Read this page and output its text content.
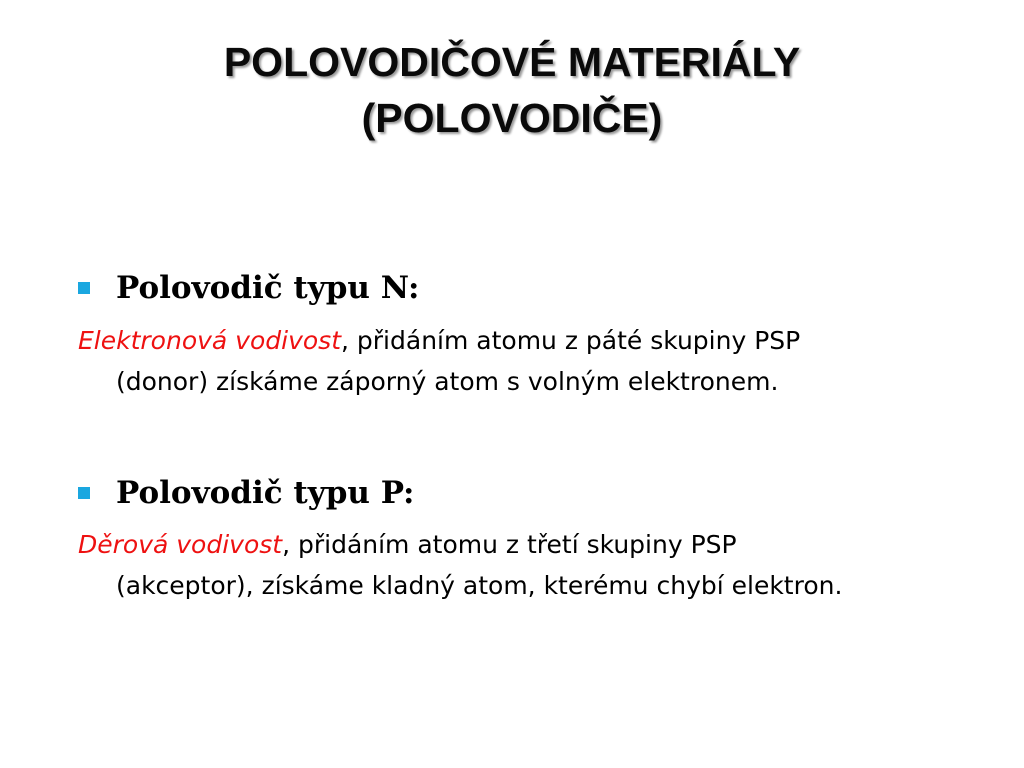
POLOVODIČOVÉ MATERIÁLY
(POLOVODIČE)
Polovodič typu N:
Elektronová vodivost, přidáním atomu z páté skupiny PSP
(donor) získáme záporný atom s volným elektronem.
Polovodič typu P:
Děrová vodivost, přidáním atomu z třetí skupiny PSP
(akceptor), získáme kladný atom, kterému chybí elektron.
